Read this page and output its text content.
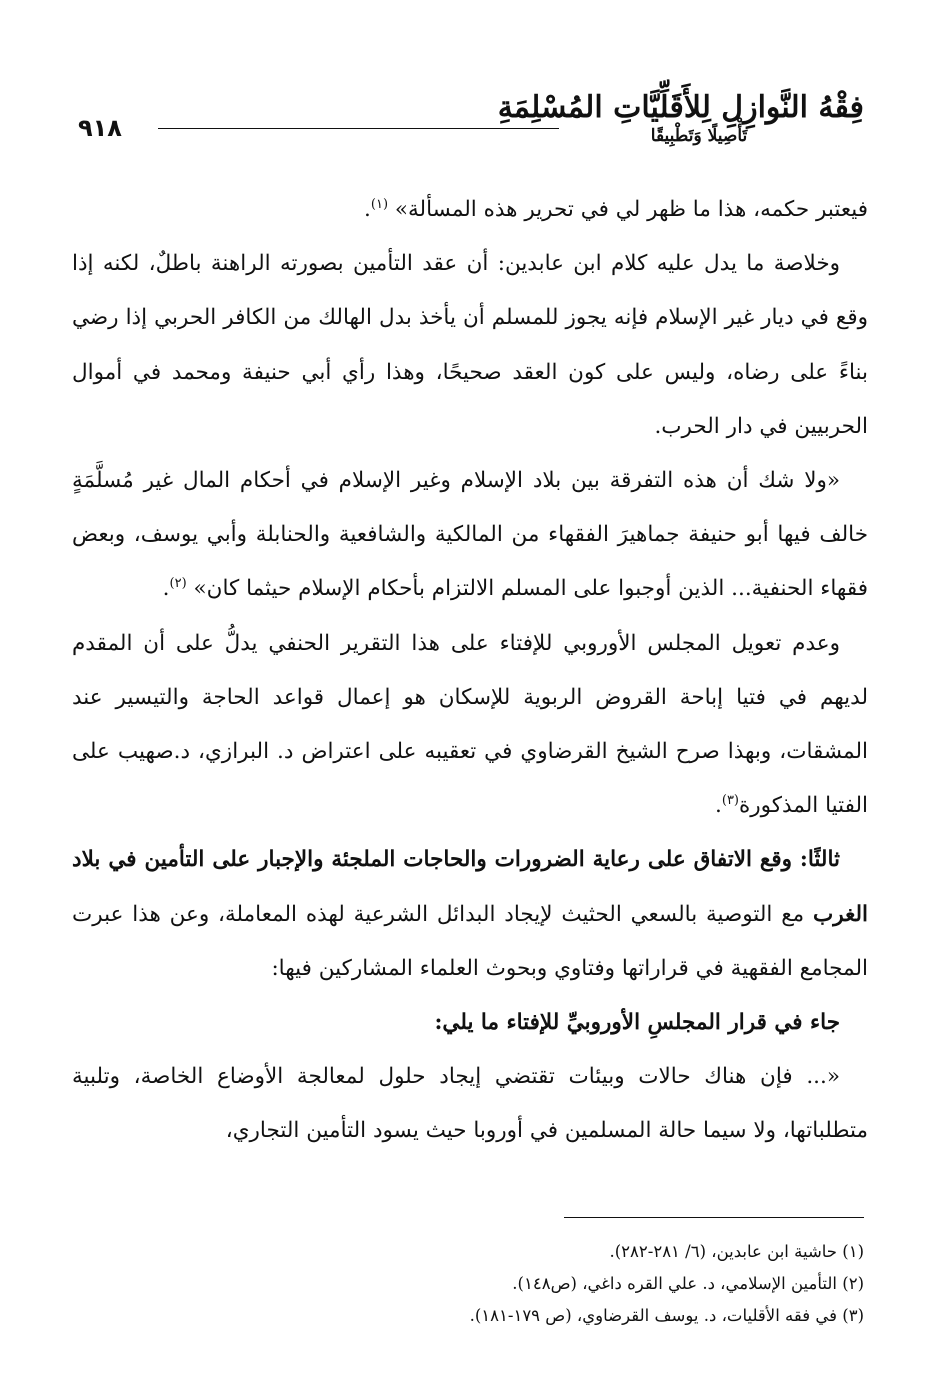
فِقْهُ النَّوازِلِ لِلأَقَلِّيَّاتِ المُسْلِمَةِ
تَأْصِيلًا وَتَطْبِيقًا
٩١٨

فيعتبر حكمه، هذا ما ظهر لي في تحرير هذه المسألة» $^{(١)}$.

وخلاصة ما يدل عليه كلام ابن عابدين: أن عقد التأمين بصورته الراهنة باطلٌ، لكنه إذا وقع في ديار غير الإسلام فإنه يجوز للمسلم أن يأخذ بدل الهالك من الكافر الحربي إذا رضي بناءً على رضاه، وليس على كون العقد صحيحًا، وهذا رأي أبي حنيفة ومحمد في أموال الحربيين في دار الحرب.

«ولا شك أن هذه التفرقة بين بلاد الإسلام وغير الإسلام في أحكام المال غير مُسلَّمَةٍ خالف فيها أبو حنيفة جماهيرَ الفقهاء من المالكية والشافعية والحنابلة وأبي يوسف، وبعض فقهاء الحنفية... الذين أوجبوا على المسلم الالتزام بأحكام الإسلام حيثما كان» $^{(٢)}$.

وعدم تعويل المجلس الأوروبي للإفتاء على هذا التقرير الحنفي يدلُّ على أن المقدم لديهم في فتيا إباحة القروض الربوية للإسكان هو إعمال قواعد الحاجة والتيسير عند المشقات، وبهذا صرح الشيخ القرضاوي في تعقيبه على اعتراض د. البرازي، د.صهيب على الفتيا المذكورة$^{(٣)}$.

ثالثًا: وقع الاتفاق على رعاية الضرورات والحاجات الملجئة والإجبار على التأمين في بلاد الغرب مع التوصية بالسعي الحثيث لإيجاد البدائل الشرعية لهذه المعاملة، وعن هذا عبرت المجامع الفقهية في قراراتها وفتاوي وبحوث العلماء المشاركين فيها:

جاء في قرار المجلسِ الأوروبيِّ للإفتاء ما يلي:

«... فإن هناك حالات وبيئات تقتضي إيجاد حلول لمعالجة الأوضاع الخاصة، وتلبية متطلباتها، ولا سيما حالة المسلمين في أوروبا حيث يسود التأمين التجاري،

(١) حاشية ابن عابدين، (٦/ ٢٨١-٢٨٢).
(٢) التأمين الإسلامي، د. علي القره داغي، (ص١٤٨).
(٣) في فقه الأقليات، د. يوسف القرضاوي، (ص ١٧٩-١٨١).
